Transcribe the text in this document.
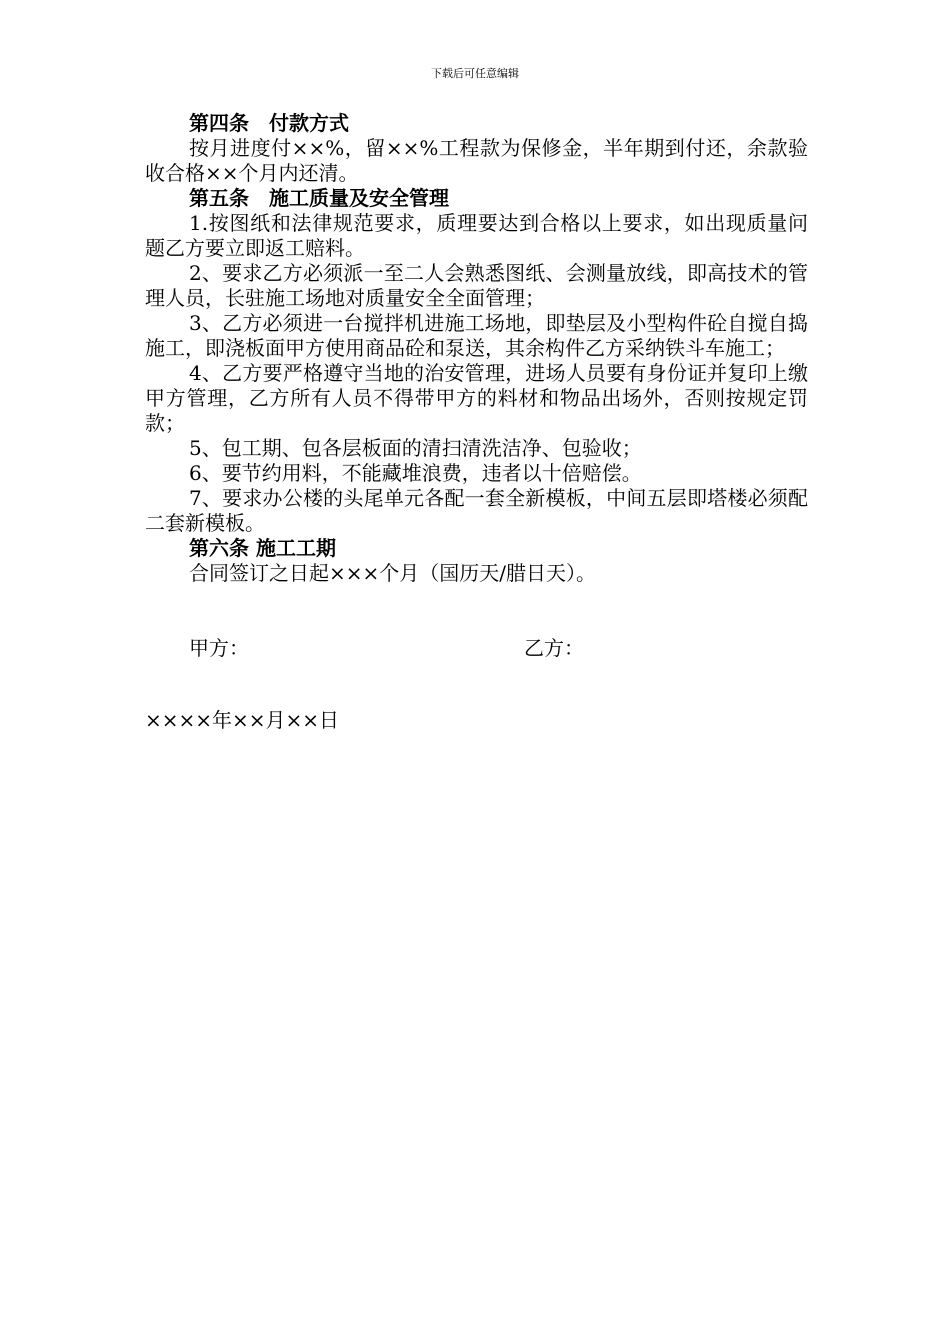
下载后可任意编辑

第四条　付款方式

按月进度付××%，留××%工程款为保修金，半年期到付还，余款验收合格××个月内还清。

第五条　施工质量及安全管理

1.按图纸和法律规范要求，质理要达到合格以上要求，如出现质量问题乙方要立即返工赔料。

2、要求乙方必须派一至二人会熟悉图纸、会测量放线，即高技术的管理人员，长驻施工场地对质量安全全面管理；

3、乙方必须进一台搅拌机进施工场地，即垫层及小型构件砼自搅自捣施工，即浇板面甲方使用商品砼和泵送，其余构件乙方采纳铁斗车施工；

4、乙方要严格遵守当地的治安管理，进场人员要有身份证并复印上缴甲方管理，乙方所有人员不得带甲方的料材和物品出场外，否则按规定罚款；

5、包工期、包各层板面的清扫清洗洁净、包验收；

6、要节约用料，不能藏堆浪费，违者以十倍赔偿。

7、要求办公楼的头尾单元各配一套全新模板，中间五层即塔楼必须配二套新模板。

第六条 施工工期

合同签订之日起×××个月（国历天/腊日天）。

甲方：	乙方：
××××年××月××日
